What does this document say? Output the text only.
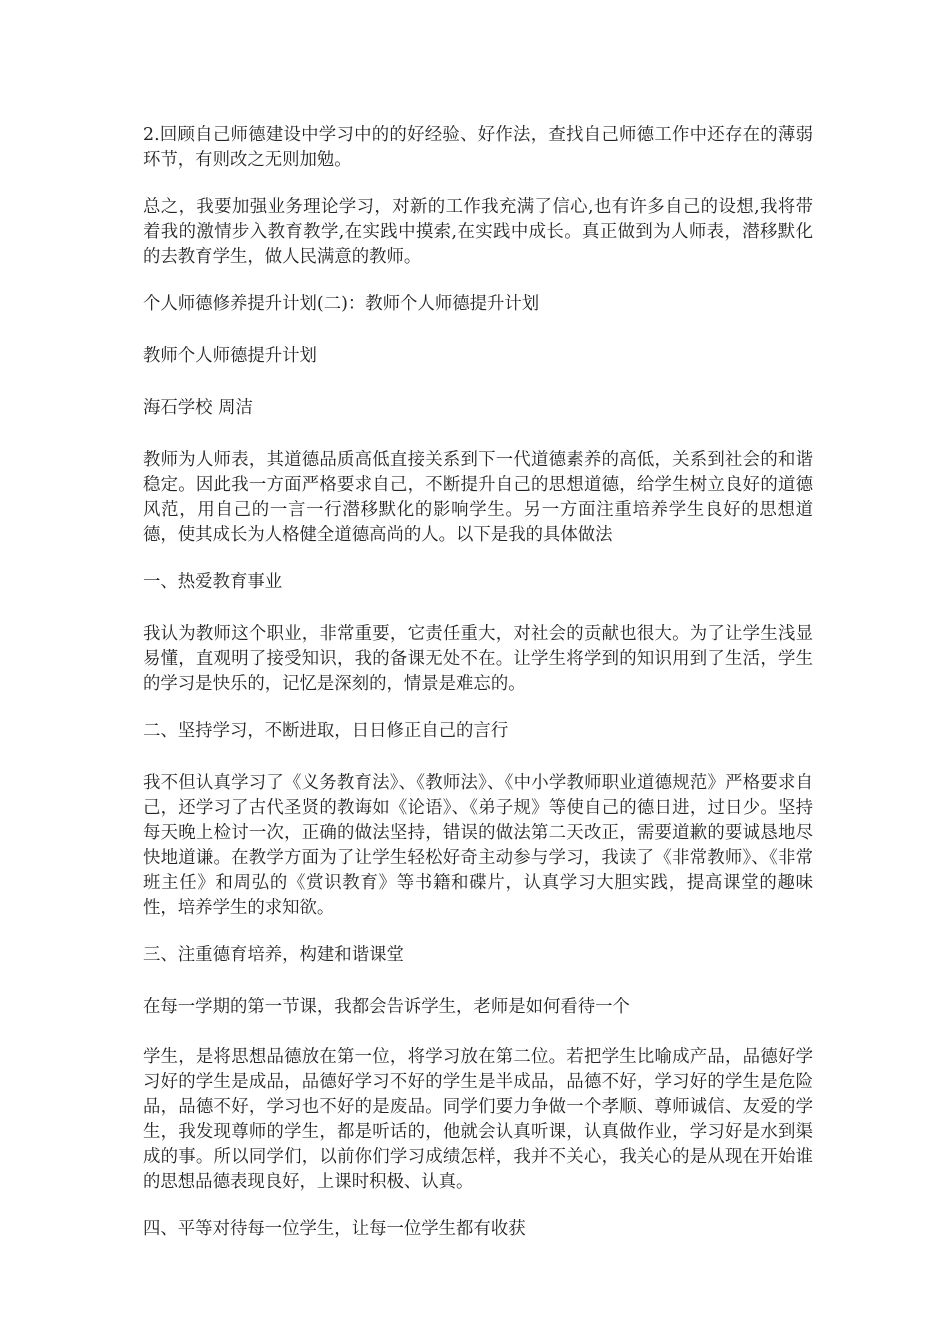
2.回顾自己师德建设中学习中的的好经验、好作法，查找自己师德工作中还存在的薄弱环节，有则改之无则加勉。

总之，我要加强业务理论学习，对新的工作我充满了信心,也有许多自己的设想,我将带着我的激情步入教育教学,在实践中摸索,在实践中成长。真正做到为人师表，潜移默化的去教育学生，做人民满意的教师。

个人师德修养提升计划(二)：教师个人师德提升计划

教师个人师德提升计划

海石学校 周洁

教师为人师表，其道德品质高低直接关系到下一代道德素养的高低，关系到社会的和谐稳定。因此我一方面严格要求自己，不断提升自己的思想道德，给学生树立良好的道德风范，用自己的一言一行潜移默化的影响学生。另一方面注重培养学生良好的思想道德，使其成长为人格健全道德高尚的人。以下是我的具体做法

一、热爱教育事业

我认为教师这个职业，非常重要，它责任重大，对社会的贡献也很大。为了让学生浅显易懂，直观明了接受知识，我的备课无处不在。让学生将学到的知识用到了生活，学生的学习是快乐的，记忆是深刻的，情景是难忘的。

二、坚持学习，不断进取，日日修正自己的言行

我不但认真学习了《义务教育法》、《教师法》、《中小学教师职业道德规范》严格要求自己，还学习了古代圣贤的教诲如《论语》、《弟子规》等使自己的德日进，过日少。坚持每天晚上检讨一次，正确的做法坚持，错误的做法第二天改正，需要道歉的要诚恳地尽快地道谦。在教学方面为了让学生轻松好奇主动参与学习，我读了《非常教师》、《非常班主任》和周弘的《赏识教育》等书籍和碟片，认真学习大胆实践，提高课堂的趣味性，培养学生的求知欲。

三、注重德育培养，构建和谐课堂

在每一学期的第一节课，我都会告诉学生，老师是如何看待一个

学生，是将思想品德放在第一位，将学习放在第二位。若把学生比喻成产品，品德好学习好的学生是成品，品德好学习不好的学生是半成品，品德不好，学习好的学生是危险品，品德不好，学习也不好的是废品。同学们要力争做一个孝顺、尊师诚信、友爱的学生，我发现尊师的学生，都是听话的，他就会认真听课，认真做作业，学习好是水到渠成的事。所以同学们，以前你们学习成绩怎样，我并不关心，我关心的是从现在开始谁的思想品德表现良好，上课时积极、认真。

四、平等对待每一位学生，让每一位学生都有收获
